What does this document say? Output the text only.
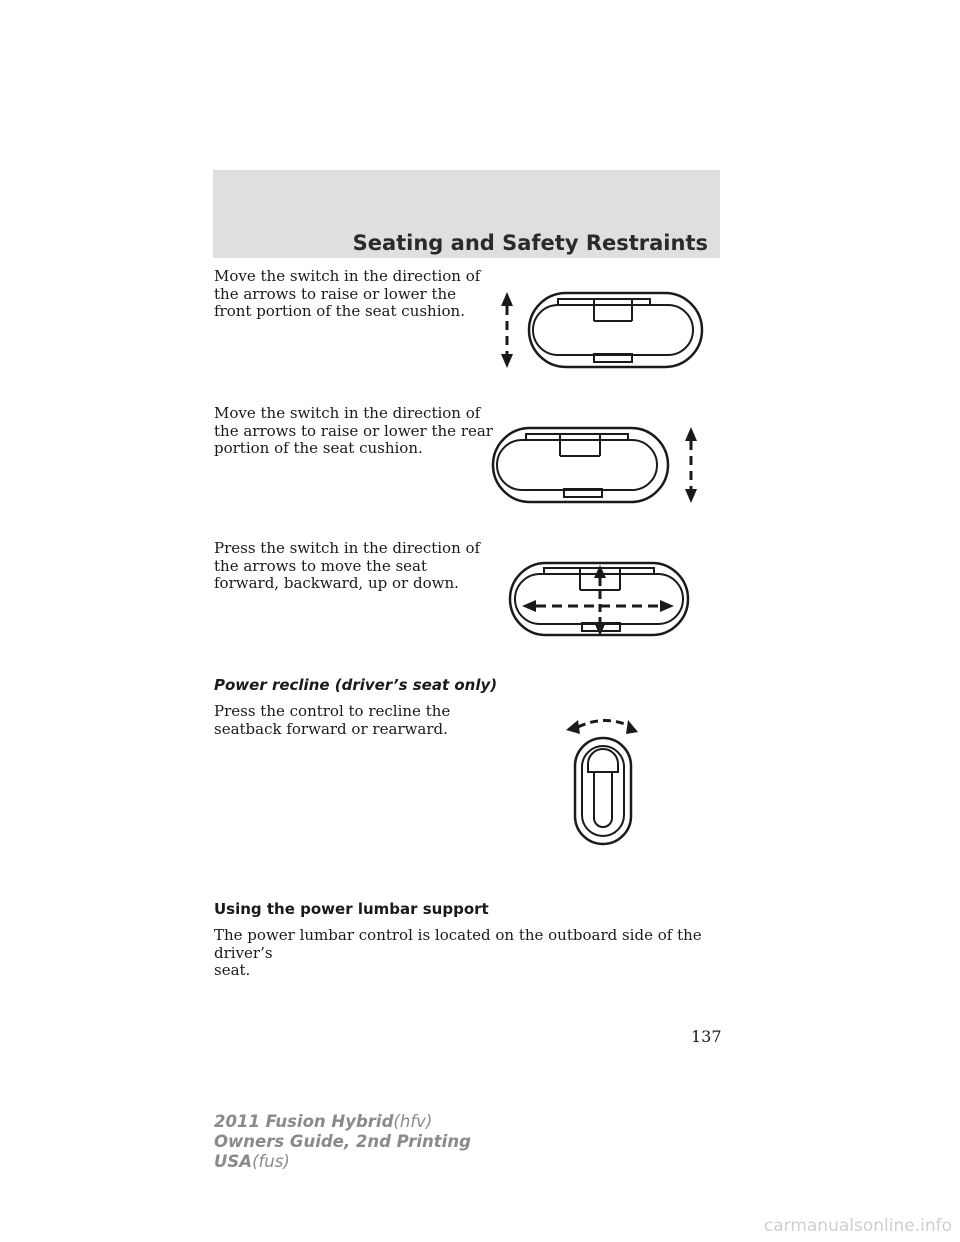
Seating and Safety Restraints

Move the switch in the direction of
the arrows to raise or lower the
front portion of the seat cushion.

Move the switch in the direction of
the arrows to raise or lower the rear
portion of the seat cushion.

Press the switch in the direction of
the arrows to move the seat
forward, backward, up or down.

Power recline (driver’s seat only)

Press the control to recline the
seatback forward or rearward.

Using the power lumbar support

The power lumbar control is located on the outboard side of the driver’s
seat.

137
2011 Fusion Hybrid(hfv)
Owners Guide, 2nd Printing
USA(fus)
carmanualsonline.info
